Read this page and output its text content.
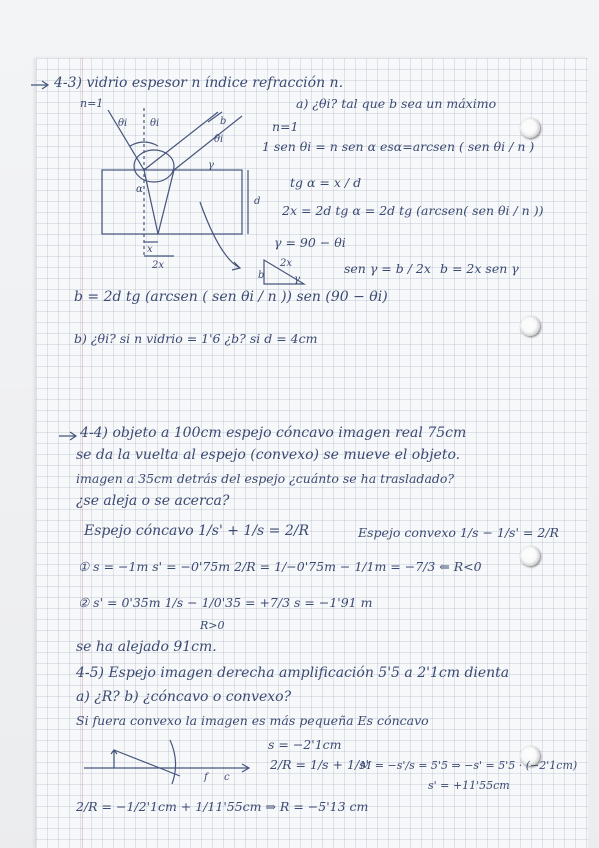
4-3) vidrio espesor n índice refracción n.
n=1	a) ¿θi? tal que b sea un máximo
n=1
1 sen θi = n sen α esα=arcsen ( sen θi / n )
tg α = x / d
2x = 2d tg α = 2d tg (arcsen( sen θi / n ))
γ = 90 − θi
sen γ = b / 2x b = 2x sen γ
b = 2d tg (arcsen ( sen θi / n )) sen (90 − θi)
b) ¿θi? si n vidrio = 1'6 ¿b? si d = 4cm
θi θi
θi
b
γ
α
d
x
2x	2x
b	γ
4-4) objeto a 100cm espejo cóncavo imagen real 75cm
se da la vuelta al espejo (convexo) se mueve el objeto.
imagen a 35cm detrás del espejo ¿cuánto se ha trasladado?
¿se aleja o se acerca?
Espejo cóncavo 1/s' + 1/s = 2/R	Espejo convexo 1/s − 1/s' = 2/R
① s = −1m s' = −0'75m 2/R = 1/−0'75m − 1/1m = −7/3 ⇐ R<0
② s' = 0'35m 1/s − 1/0'35 = +7/3 s = −1'91 m
R>0
se ha alejado 91cm.
4-5) Espejo imagen derecha amplificación 5'5 a 2'1cm dienta
a) ¿R? b) ¿cóncavo o convexo?
Si fuera convexo la imagen es más pequeña Es cóncavo
s = −2'1cm
2/R = 1/s + 1/s'
M = −s'/s = 5'5 ⇒ −s' = 5'5 · (−2'1cm)
s' = +11'55cm
2/R = −1/2'1cm + 1/11'55cm ⇒ R = −5'13 cm
f c
